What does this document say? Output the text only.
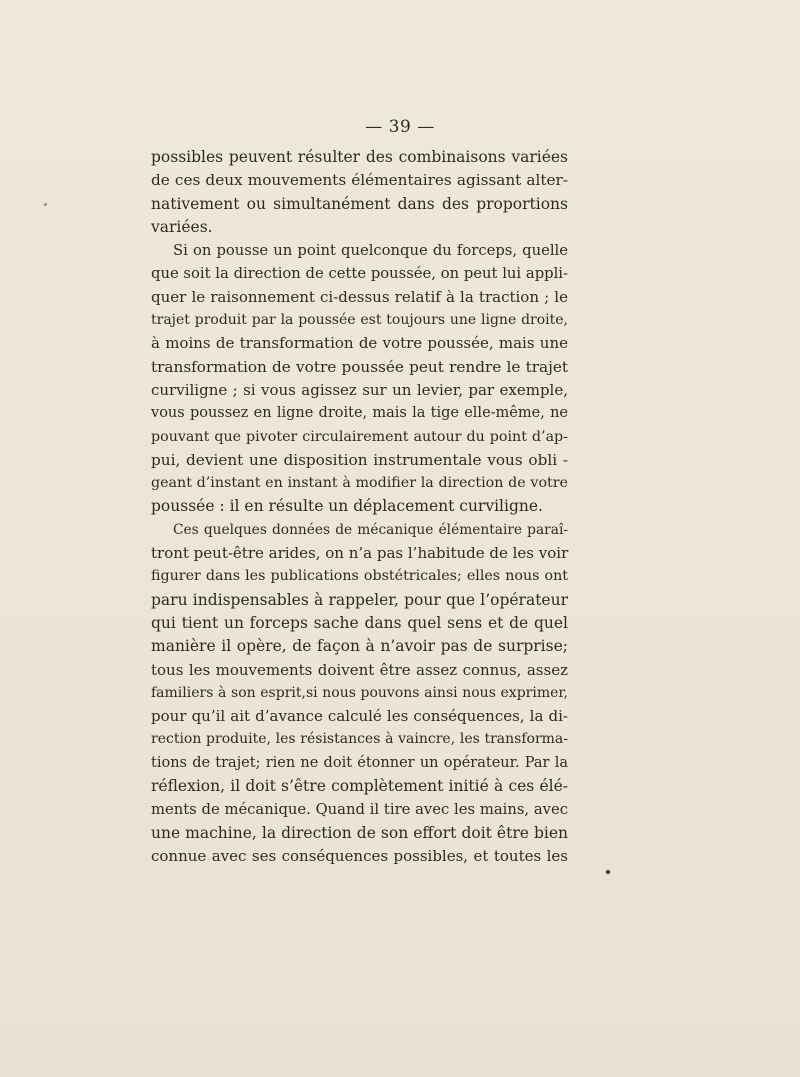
— 39 —
possibles peuvent résulter des combinaisons variées
de ces deux mouvements élémentaires agissant alter-
nativement ou simultanément dans des proportions
variées.
Si on pousse un point quelconque du forceps, quelle
que soit la direction de cette poussée, on peut lui appli-
quer le raisonnement ci-dessus relatif à la traction ; le
trajet produit par la poussée est toujours une ligne droite,
à moins de transformation de votre poussée, mais une
transformation de votre poussée peut rendre le trajet
curviligne ; si vous agissez sur un levier, par exemple,
vous poussez en ligne droite, mais la tige elle-même, ne
pouvant que pivoter circulairement autour du point d’ap-
pui, devient une disposition instrumentale vous obli -
geant d’instant en instant à modifier la direction de votre
poussée : il en résulte un déplacement curviligne.
Ces quelques données de mécanique élémentaire paraî-
tront peut-être arides, on n’a pas l’habitude de les voir
figurer dans les publications obstétricales; elles nous ont
paru indispensables à rappeler, pour que l’opérateur
qui tient un forceps sache dans quel sens et de quel
manière il opère, de façon à n’avoir pas de surprise;
tous les mouvements doivent être assez connus, assez
familiers à son esprit,si nous pouvons ainsi nous exprimer,
pour qu’il ait d’avance calculé les conséquences, la di-
rection produite, les résistances à vaincre, les transforma-
tions de trajet; rien ne doit étonner un opérateur. Par la
réflexion, il doit s’être complètement initié à ces élé-
ments de mécanique. Quand il tire avec les mains, avec
une machine, la direction de son effort doit être bien
connue avec ses conséquences possibles, et toutes les
